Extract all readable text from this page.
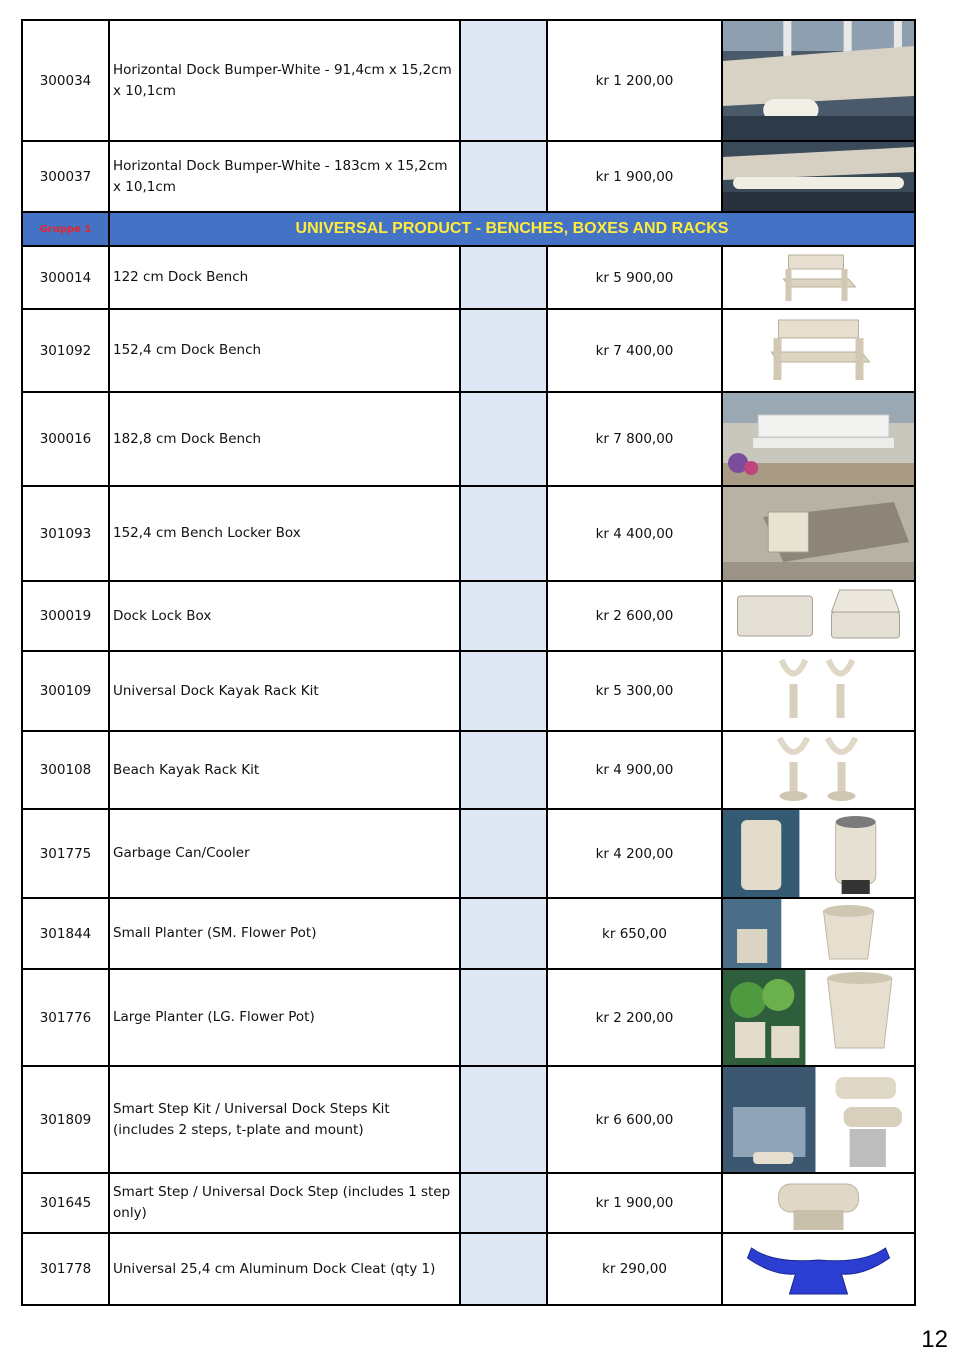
300034	Horizontal Dock Bumper-White - 91,4cm x 15,2cm x 10,1cm		kr 1 200,00	

300037	Horizontal Dock Bumper-White - 183cm x 15,2cm x 10,1cm		kr 1 900,00	

Gruppe 1	UNIVERSAL PRODUCT - BENCHES, BOXES AND RACKS			
300014	122 cm Dock Bench		kr 5 900,00	

301092	152,4 cm Dock Bench		kr 7 400,00	

300016	182,8 cm Dock Bench		kr 7 800,00	

301093	152,4 cm Bench Locker Box		kr 4 400,00	

300019	Dock Lock Box		kr 2 600,00	

300109	Universal Dock Kayak Rack Kit		kr 5 300,00	

300108	Beach Kayak Rack Kit		kr 4 900,00	

301775	Garbage Can/Cooler		kr 4 200,00	

301844	Small Planter (SM. Flower Pot)		kr 650,00	

301776	Large Planter (LG. Flower Pot)		kr 2 200,00	

301809	Smart Step Kit / Universal Dock Steps Kit (includes 2 steps, t-plate and mount)		kr 6 600,00	

301645	Smart Step / Universal Dock Step (includes 1 step only)		kr 1 900,00	

301778	Universal 25,4 cm Aluminum Dock Cleat (qty 1)		kr 290,00	
12
